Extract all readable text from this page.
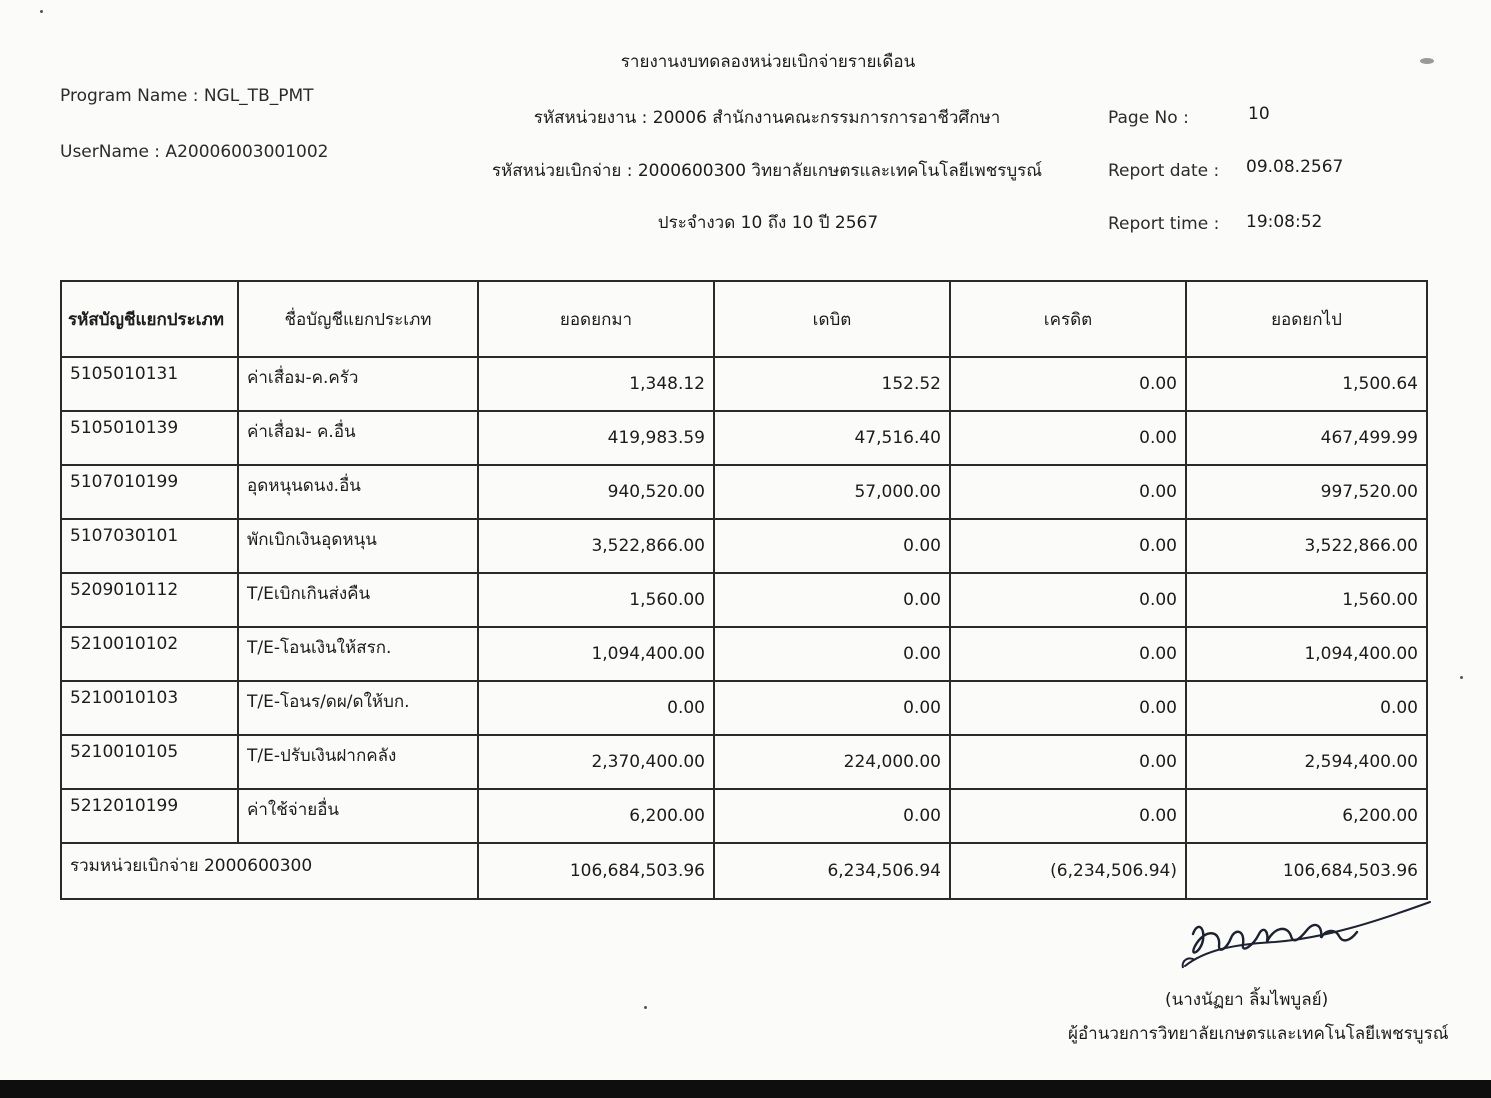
รายงานงบทดลองหน่วยเบิกจ่ายรายเดือน
Program Name : NGL_TB_PMT
UserName : A20006003001002
รหัสหน่วยงาน : 20006 สำนักงานคณะกรรมการการอาชีวศึกษา
รหัสหน่วยเบิกจ่าย : 2000600300 วิทยาลัยเกษตรและเทคโนโลยีเพชรบูรณ์
ประจำงวด 10 ถึง 10 ปี 2567
Page No :	10
Report date : 09.08.2567
Report time : 19:08:52
รหัสบัญชีแยกประเภท	ชื่อบัญชีแยกประเภท	ยอดยกมา	เดบิต	เครดิต	ยอดยกไป
5105010131	ค่าเสื่อม-ค.ครัว	1,348.12	152.52	0.00	1,500.64
5105010139	ค่าเสื่อม- ค.อื่น	419,983.59	47,516.40	0.00	467,499.99
5107010199	อุดหนุนดนง.อื่น	940,520.00	57,000.00	0.00	997,520.00
5107030101	พักเบิกเงินอุดหนุน	3,522,866.00	0.00	0.00	3,522,866.00
5209010112	T/Eเบิกเกินส่งคืน	1,560.00	0.00	0.00	1,560.00
5210010102	T/E-โอนเงินให้สรก.	1,094,400.00	0.00	0.00	1,094,400.00
5210010103	T/E-โอนร/ดผ/ดให้บก.	0.00	0.00	0.00	0.00
5210010105	T/E-ปรับเงินฝากคลัง	2,370,400.00	224,000.00	0.00	2,594,400.00
5212010199	ค่าใช้จ่ายอื่น	6,200.00	0.00	0.00	6,200.00
รวมหน่วยเบิกจ่าย 2000600300		106,684,503.96	6,234,506.94	(6,234,506.94)	106,684,503.96
(นางนัฏยา ลิ้มไพบูลย์)
ผู้อำนวยการวิทยาลัยเกษตรและเทคโนโลยีเพชรบูรณ์
